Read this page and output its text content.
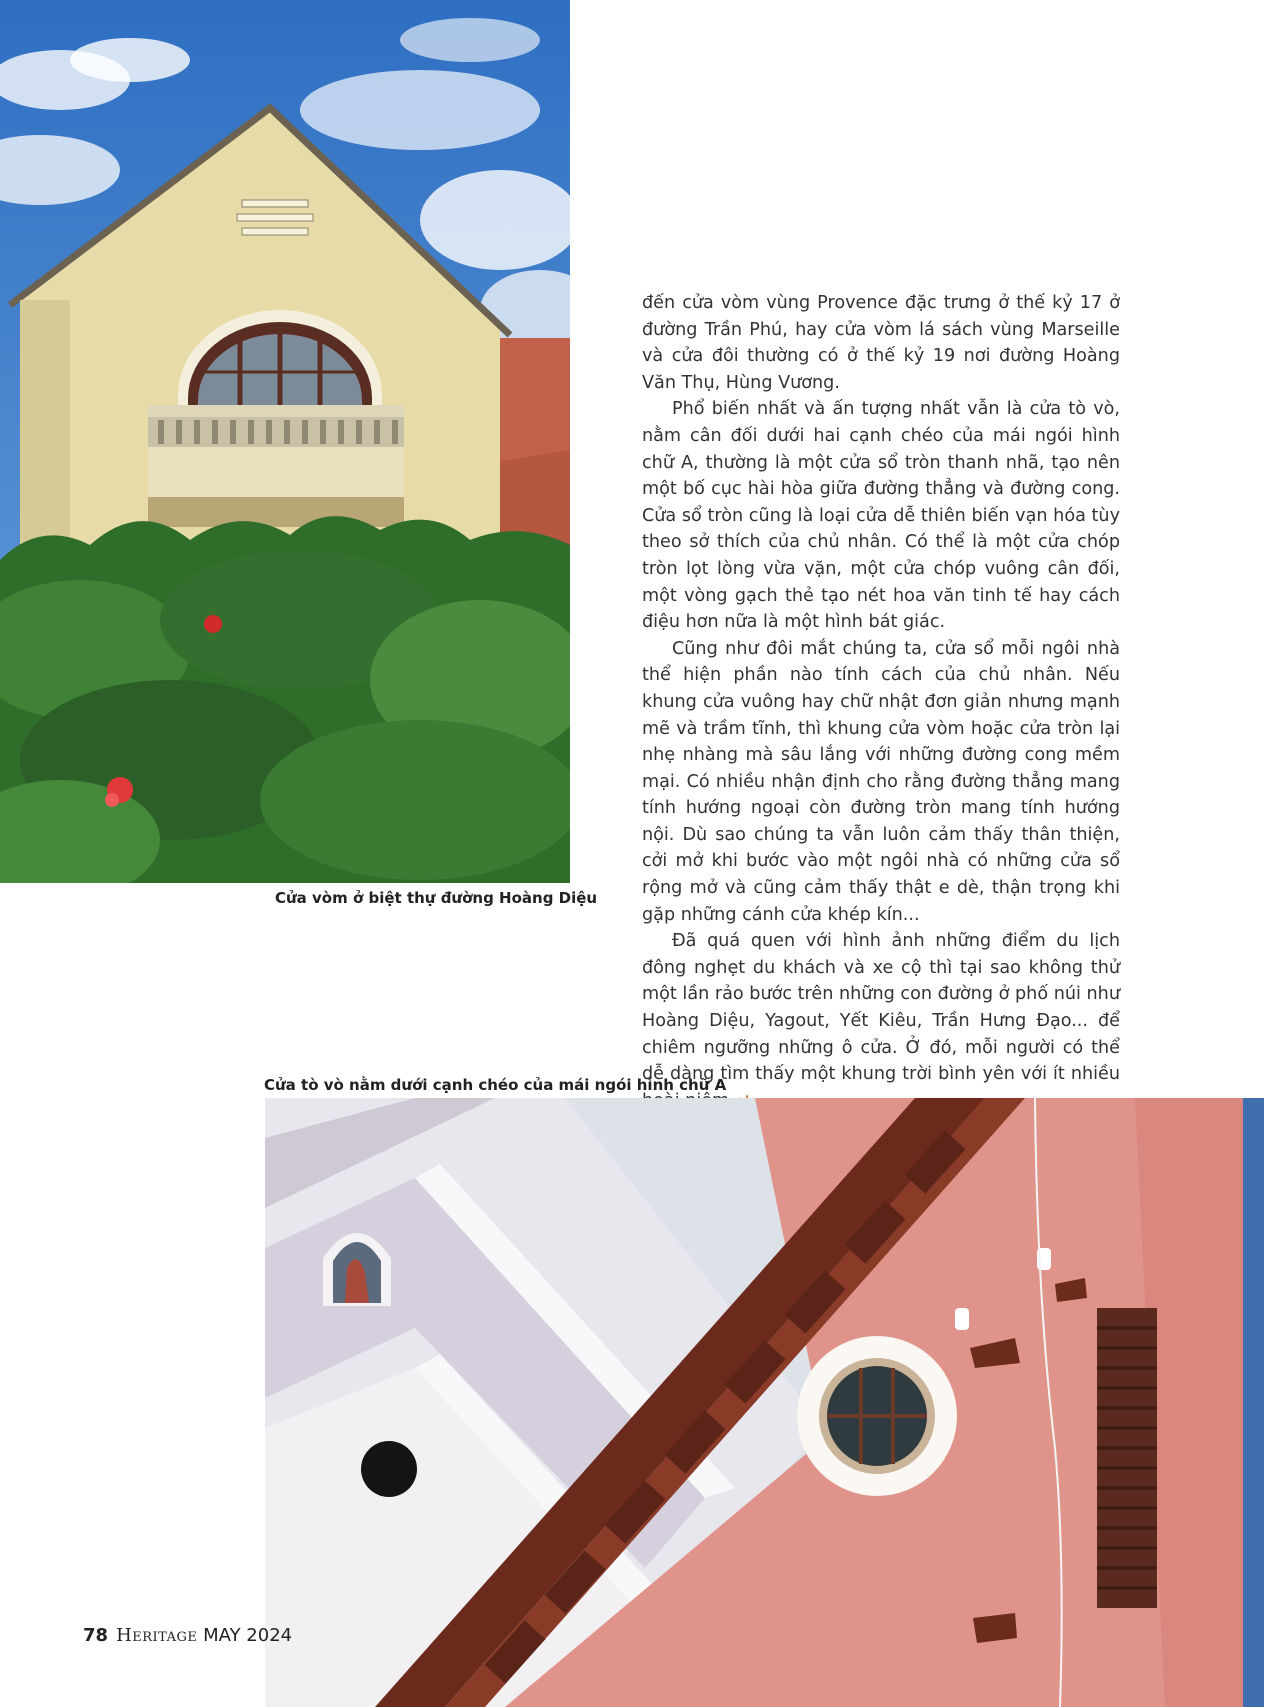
Cửa vòm ở biệt thự đường Hoàng Diệu

đến cửa vòm vùng Provence đặc trưng ở thế kỷ 17 ở đường Trần Phú, hay cửa vòm lá sách vùng Marseille và cửa đôi thường có ở thế kỷ 19 nơi đường Hoàng Văn Thụ, Hùng Vương.

Phổ biến nhất và ấn tượng nhất vẫn là cửa tò vò, nằm cân đối dưới hai cạnh chéo của mái ngói hình chữ A, thường là một cửa sổ tròn thanh nhã, tạo nên một bố cục hài hòa giữa đường thẳng và đường cong. Cửa sổ tròn cũng là loại cửa dễ thiên biến vạn hóa tùy theo sở thích của chủ nhân. Có thể là một cửa chóp tròn lọt lòng vừa vặn, một cửa chóp vuông cân đối, một vòng gạch thẻ tạo nét hoa văn tinh tế hay cách điệu hơn nữa là một hình bát giác.

Cũng như đôi mắt chúng ta, cửa sổ mỗi ngôi nhà thể hiện phần nào tính cách của chủ nhân. Nếu khung cửa vuông hay chữ nhật đơn giản nhưng mạnh mẽ và trầm tĩnh, thì khung cửa vòm hoặc cửa tròn lại nhẹ nhàng mà sâu lắng với những đường cong mềm mại. Có nhiều nhận định cho rằng đường thẳng mang tính hướng ngoại còn đường tròn mang tính hướng nội. Dù sao chúng ta vẫn luôn cảm thấy thân thiện, cởi mở khi bước vào một ngôi nhà có những cửa sổ rộng mở và cũng cảm thấy thật e dè, thận trọng khi gặp những cánh cửa khép kín...

Đã quá quen với hình ảnh những điểm du lịch đông nghẹt du khách và xe cộ thì tại sao không thử một lần rảo bước trên những con đường ở phố núi như Hoàng Diệu, Yagout, Yết Kiêu, Trần Hưng Đạo... để chiêm ngưỡng những ô cửa. Ở đó, mỗi người có thể dễ dàng tìm thấy một khung trời bình yên với ít nhiều

Cửa tò vò nằm dưới cạnh chéo của mái ngói hình chữ A
78 Heritage MAY 2024
